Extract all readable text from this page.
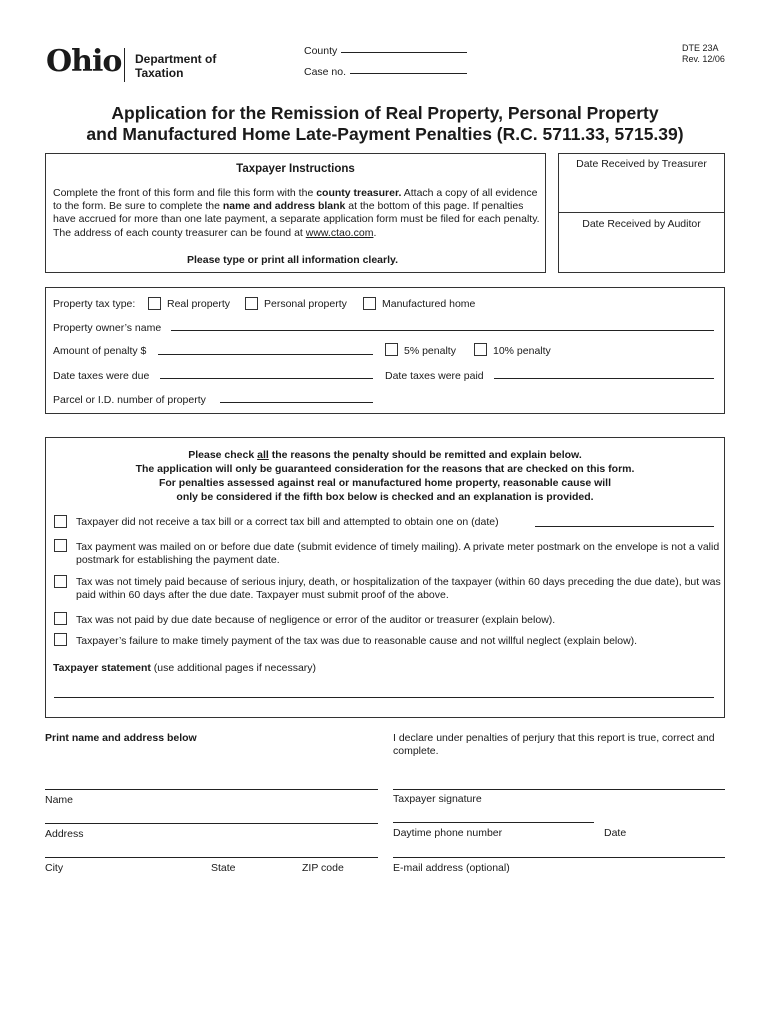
Ohio Department of
Taxation
County
Case no.
DTE 23A
Rev. 12/06
Application for the Remission of Real Property, Personal Property
and Manufactured Home Late-Payment Penalties (R.C. 5711.33, 5715.39)
Taxpayer Instructions
Complete the front of this form and file this form with the county treasurer. Attach a copy of all evidence to the form. Be sure to complete the name and address blank at the bottom of this page. If penalties have accrued for more than one late payment, a separate application form must be filed for each penalty. The address of each county treasurer can be found at www.ctao.com.
Please type or print all information clearly.
Date Received by Treasurer
Date Received by Auditor
Property tax type:	Real property	Personal property	Manufactured home
Property owner’s name
Amount of penalty $	5% penalty	10% penalty
Date taxes were due	Date taxes were paid
Parcel or I.D. number of property
Please check all the reasons the penalty should be remitted and explain below.
The application will only be guaranteed consideration for the reasons that are checked on this form.
For penalties assessed against real or manufactured home property, reasonable cause will
only be considered if the fifth box below is checked and an explanation is provided.
Taxpayer did not receive a tax bill or a correct tax bill and attempted to obtain one on (date)
Tax payment was mailed on or before due date (submit evidence of timely mailing). A private meter postmark on the envelope is not a valid postmark for establishing the payment date.
Tax was not timely paid because of serious injury, death, or hospitalization of the taxpayer (within 60 days preceding the due date), but was paid within 60 days after the due date. Taxpayer must submit proof of the above.
Tax was not paid by due date because of negligence or error of the auditor or treasurer (explain below).
Taxpayer’s failure to make timely payment of the tax was due to reasonable cause and not willful neglect (explain below).
Taxpayer statement (use additional pages if necessary)
Print name and address below	I declare under penalties of perjury that this report is true, correct and complete.
Name	Taxpayer signature
Address	Daytime phone number	Date
City	State	ZIP code	E-mail address (optional)
